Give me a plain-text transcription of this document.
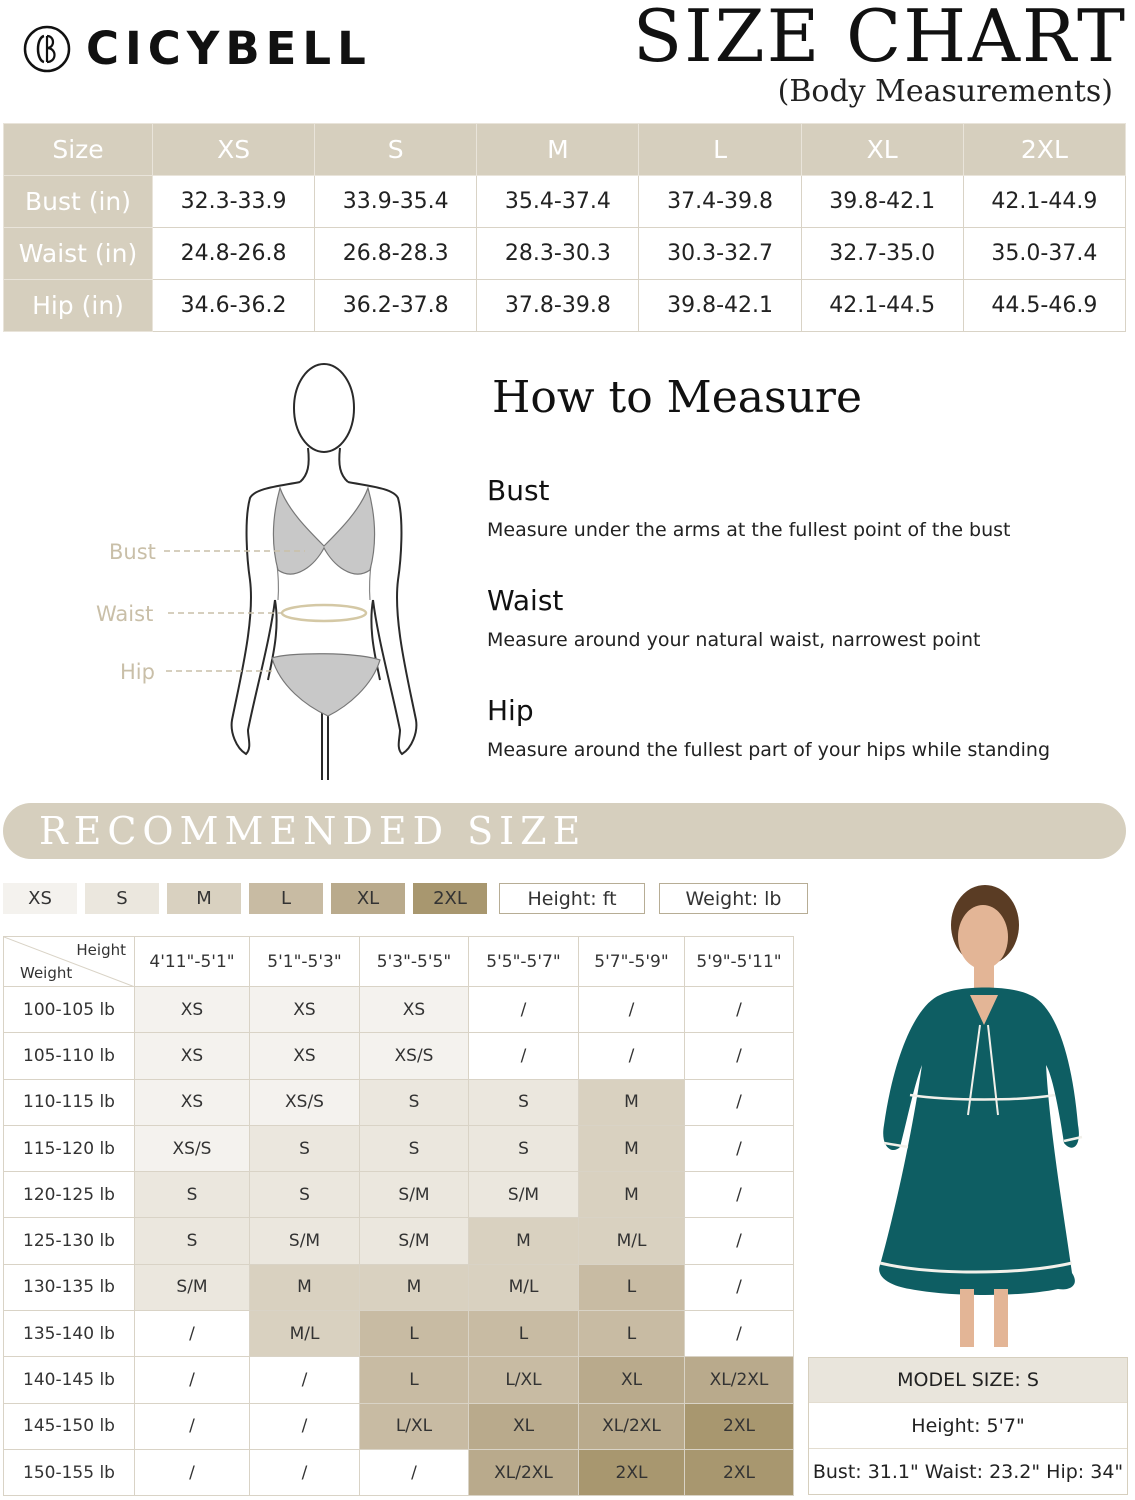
CICYBELL	SIZE CHART
(Body Measurements)
Size	XS	S	M	L	XL	2XL
Bust (in)	32.3-33.9	33.9-35.4	35.4-37.4	37.4-39.8	39.8-42.1	42.1-44.9
Waist (in)	24.8-26.8	26.8-28.3	28.3-30.3	30.3-32.7	32.7-35.0	35.0-37.4
Hip (in)	34.6-36.2	36.2-37.8	37.8-39.8	39.8-42.1	42.1-44.5	44.5-46.9
Bust
Waist
Hip
How to Measure
Bust
Measure under the arms at the fullest point of the bust
Waist
Measure around your natural waist, narrowest point
Hip
Measure around the fullest part of your hips while standing
RECOMMENDED SIZE
XS	S	M	L	XL	2XL	Height: ft	Weight: lb
Height
Weight	4'11"-5'1"	5'1"-5'3"	5'3"-5'5"	5'5"-5'7"	5'7"-5'9"	5'9"-5'11"
100-105 lb	XS	XS	XS	/	/	/
105-110 lb	XS	XS	XS/S	/	/	/
110-115 lb	XS	XS/S	S	S	M	/
115-120 lb	XS/S	S	S	S	M	/
120-125 lb	S	S	S/M	S/M	M	/
125-130 lb	S	S/M	S/M	M	M/L	/
130-135 lb	S/M	M	M	M/L	L	/
135-140 lb	/	M/L	L	L	L	/
140-145 lb	/	/	L	L/XL	XL	XL/2XL
145-150 lb	/	/	L/XL	XL	XL/2XL	2XL
150-155 lb	/	/	/	XL/2XL	2XL	2XL
MODEL SIZE: S
Height: 5'7"
Bust: 31.1" Waist: 23.2" Hip: 34"
